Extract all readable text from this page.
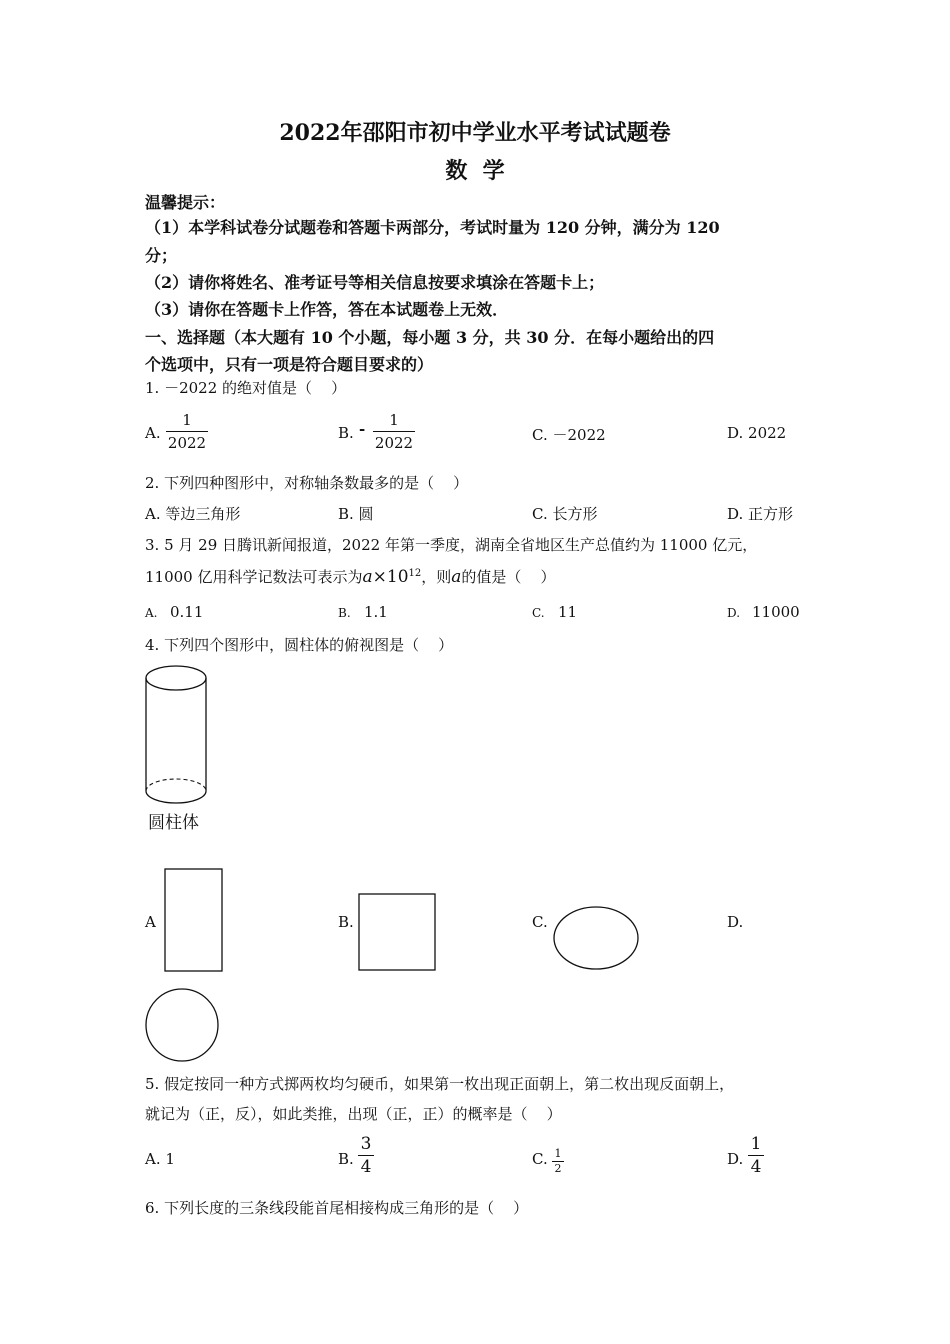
2022年邵阳市初中学业水平考试试题卷
数  学
温馨提示：
（1）本学科试卷分试题卷和答题卡两部分，考试时量为 120 分钟，满分为 120
分；
（2）请你将姓名、准考证号等相关信息按要求填涂在答题卡上；
（3）请你在答题卡上作答，答在本试题卷上无效．
一、选择题（本大题有 10 个小题，每小题 3 分，共 30 分．在每小题给出的四
个选项中，只有一项是符合题目要求的）
1. －2022 的绝对值是（    ）
A.
1
2022
B. -	1
2022	C. －2022	D. 2022
2. 下列四种图形中，对称轴条数最多的是（    ）
A. 等边三角形	B. 圆	C. 长方形	D. 正方形
3. 5 月 29 日腾讯新闻报道，2022 年第一季度，湖南全省地区生产总值约为 11000 亿元，
11000 亿用科学记数法可表示为$a\times 10^{12}$，则a的值是（    ）
A. 0.11	B. 1.1	C. 11	D. 11000
4. 下列四个图形中，圆柱体的俯视图是（    ）
圆柱体
A	B.	C.	D.
5. 假定按同一种方式掷两枚均匀硬币，如果第一枚出现正面朝上，第二枚出现反面朝上，
就记为（正，反），如此类推，出现（正，正）的概率是（    ）
A. 1	B.
3
4	C. 1
2
D.
1
4
6. 下列长度的三条线段能首尾相接构成三角形的是（    ）
